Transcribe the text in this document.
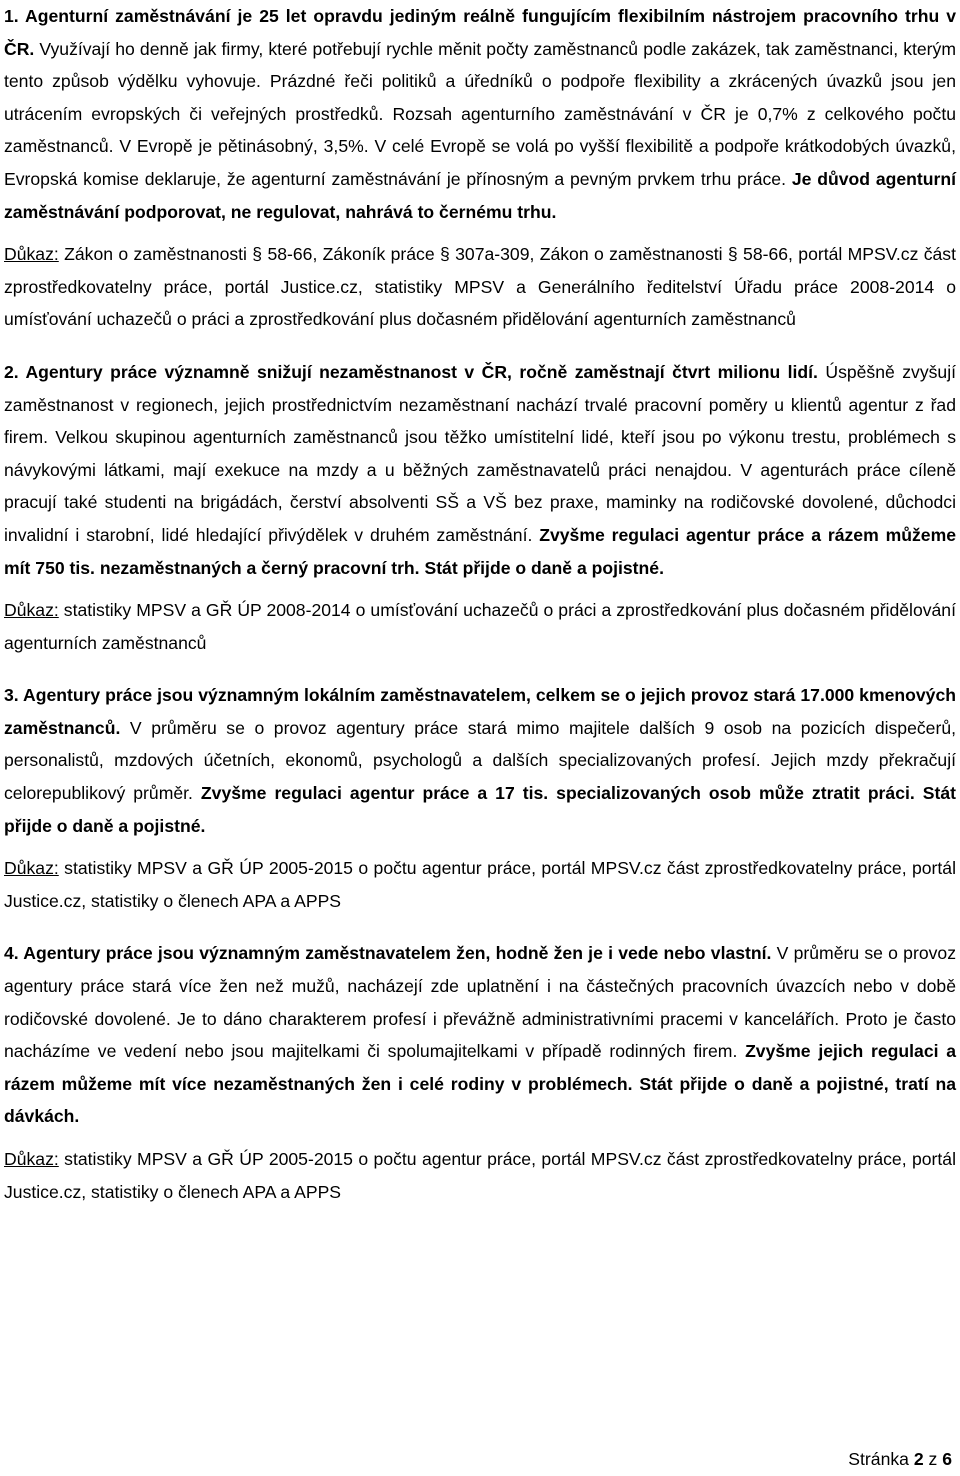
1. Agenturní zaměstnávání je 25 let opravdu jediným reálně fungujícím flexibilním nástrojem pracovního trhu v ČR. Využívají ho denně jak firmy, které potřebují rychle měnit počty zaměstnanců podle zakázek, tak zaměstnanci, kterým tento způsob výdělku vyhovuje. Prázdné řeči politiků a úředníků o podpoře flexibility a zkrácených úvazků jsou jen utrácením evropských či veřejných prostředků. Rozsah agenturního zaměstnávání v ČR je 0,7% z celkového počtu zaměstnanců. V Evropě je pětinásobný, 3,5%. V celé Evropě se volá po vyšší flexibilitě a podpoře krátkodobých úvazků, Evropská komise deklaruje, že agenturní zaměstnávání je přínosným a pevným prvkem trhu práce. Je důvod agenturní zaměstnávání podporovat, ne regulovat, nahrává to černému trhu.

Důkaz: Zákon o zaměstnanosti § 58-66, Zákoník práce § 307a-309, Zákon o zaměstnanosti § 58-66, portál MPSV.cz část zprostředkovatelny práce, portál Justice.cz, statistiky MPSV a Generálního ředitelství Úřadu práce 2008-2014 o umísťování uchazečů o práci a zprostředkování plus dočasném přidělování agenturních zaměstnanců

2. Agentury práce významně snižují nezaměstnanost v ČR, ročně zaměstnají čtvrt milionu lidí. Úspěšně zvyšují zaměstnanost v regionech, jejich prostřednictvím nezaměstnaní nachází trvalé pracovní poměry u klientů agentur z řad firem. Velkou skupinou agenturních zaměstnanců jsou těžko umístitelní lidé, kteří jsou po výkonu trestu, problémech s návykovými látkami, mají exekuce na mzdy a u běžných zaměstnavatelů práci nenajdou. V agenturách práce cíleně pracují také studenti na brigádách, čerství absolventi SŠ a VŠ bez praxe, maminky na rodičovské dovolené, důchodci invalidní i starobní, lidé hledající přivýdělek v druhém zaměstnání. Zvyšme regulaci agentur práce a rázem můžeme mít 750 tis. nezaměstnaných a černý pracovní trh. Stát přijde o daně a pojistné.

Důkaz: statistiky MPSV a GŘ ÚP 2008-2014 o umísťování uchazečů o práci a zprostředkování plus dočasném přidělování agenturních zaměstnanců

3. Agentury práce jsou významným lokálním zaměstnavatelem, celkem se o jejich provoz stará 17.000 kmenových zaměstnanců. V průměru se o provoz agentury práce stará mimo majitele dalších 9 osob na pozicích dispečerů, personalistů, mzdových účetních, ekonomů, psychologů a dalších specializovaných profesí. Jejich mzdy překračují celorepublikový průměr. Zvyšme regulaci agentur práce a 17 tis. specializovaných osob může ztratit práci. Stát přijde o daně a pojistné.

Důkaz: statistiky MPSV a GŘ ÚP 2005-2015 o počtu agentur práce, portál MPSV.cz část zprostředkovatelny práce, portál Justice.cz, statistiky o členech APA a APPS

4. Agentury práce jsou významným zaměstnavatelem žen, hodně žen je i vede nebo vlastní. V průměru se o provoz agentury práce stará více žen než mužů, nacházejí zde uplatnění i na částečných pracovních úvazcích nebo v době rodičovské dovolené. Je to dáno charakterem profesí i převážně administrativními pracemi v kancelářích. Proto je často nacházíme ve vedení nebo jsou majitelkami či spolumajitelkami v případě rodinných firem. Zvyšme jejich regulaci a rázem můžeme mít více nezaměstnaných žen i celé rodiny v problémech. Stát přijde o daně a pojistné, tratí na dávkách.

Důkaz: statistiky MPSV a GŘ ÚP 2005-2015 o počtu agentur práce, portál MPSV.cz část zprostředkovatelny práce, portál Justice.cz, statistiky o členech APA a APPS

Stránka 2 z 6
